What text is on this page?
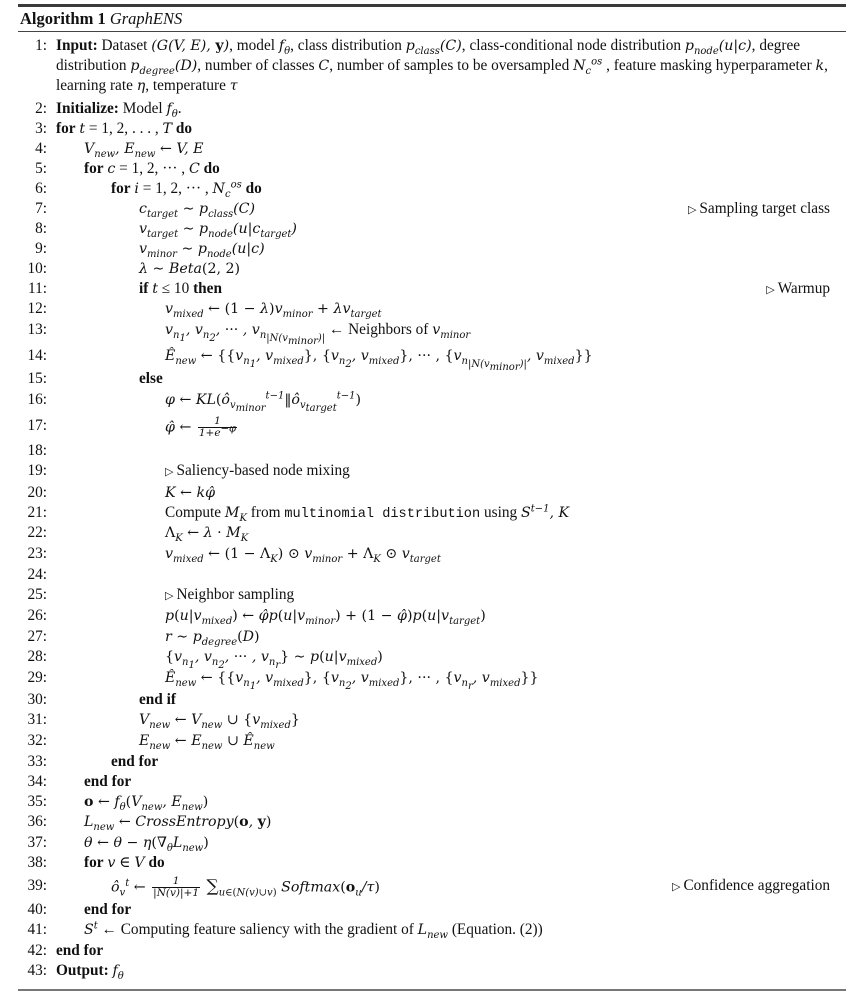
Algorithm 1 GraphENS
1: Input: Dataset (G(V, E), y), model $f_\theta$, class distribution $p_{class}(C)$, class-conditional node distribution $p_{node}(u|c)$, degree distribution $p_{degree}(D)$, number of classes C, number of samples to be oversampled $N_c^{os}$ , feature masking hyperparameter k, learning rate η, temperature τ
2: Initialize: Model $f_\theta$.
3: for t = 1, 2, . . . , T do
4:	$V_{new}$, $E_{new}$ ← V, E
5: for c = 1, 2, ··· , C do
6:	for i = 1, 2, ··· , $N_c^{os}$ do
7:	$c_{target}$ ∼ $p_{class}(C)$	▷ Sampling target class
8:	$v_{target}$ ∼ $p_{node}(u|c_{target})$
9:	$v_{minor}$ ∼ $p_{node}(u|c)$
10:	λ ∼ Beta(2, 2)
11:	if t ≤ 10 then	▷ Warmup
12:	$v_{mixed}$ ← $(1 - \lambda)v_{minor} + \lambda v_{target}$
13:	$v_{n_1}$, $v_{n_2}$, ··· , $v_{n_{|N(v_{minor})|}}$ ← Neighbors of $v_{minor}$
14:	$Ê_{new}$ ← {{$v_{n_1}$, $v_{mixed}$}, {$v_{n_2}$, $v_{mixed}$}, ··· , {$v_{n_{|N(v_{minor})|}}$, $v_{mixed}$}}
15:	else
16:	φ ← $KL(ô_{v_{minor}}^{t-1}‖ô_{v_{target}}^{t-1})$
17:	φ̂ ← $\frac{1}{1+e^{-\varphi}}$
18:
19:	▷ Saliency-based node mixing
20:	K ← kφ̂
21:	Compute $M_K$ from multinomial distribution using $S^{t-1}$, K
22:	$\Lambda_K$ ← $\lambda \cdot M_K$
23:	$v_{mixed}$ ← $(1 - \Lambda_K)$ ⊙ $v_{minor} + \Lambda_K$ ⊙ $v_{target}$
24:
25:	▷ Neighbor sampling
26:	$p(u|v_{mixed})$ ← $\varphîp(u|v_{minor}) + (1$ − $\varphî)p(u|v_{target})$
27:	r ∼ $p_{degree}(D)$
28:	{$v_{n_1}$, $v_{n_2}$, ··· , $v_{n_r}$} ∼ $p(u|v_{mixed})$
29:	$Ê_{new}$ ← {{$v_{n_1}$, $v_{mixed}$}, {$v_{n_2}$, $v_{mixed}$}, ··· , {$v_{n_r}$, $v_{mixed}$}}
30:	end if
31:	$V_{new}$ ← $V_{new}$ ∪ $\{v_{mixed}\}$
32:	$E_{new}$ ← $E_{new}$ ∪ $Ê_{new}$
33:	end for
34: end for
35:	o ← $f_\theta(V_{new}$, $E_{new}$)
36:	$L_{new}$ ← CrossEntropy(o, y)
37:	θ ← $\theta - \eta(\nabla_\theta L_{new})$
38: for v ∈ V do
39:	$ô_v^t$ ← $\frac{1}{|N(v)|+1} \sum_{u\in(N(v)\cup v)}$ $Softmax(o_u/\tau)$	▷ Confidence aggregation
40: end for
41:	$S^t$ ← Computing feature saliency with the gradient of $L_{new}$ (Equation. (2))
42: end for
43: Output: $f_\theta$
